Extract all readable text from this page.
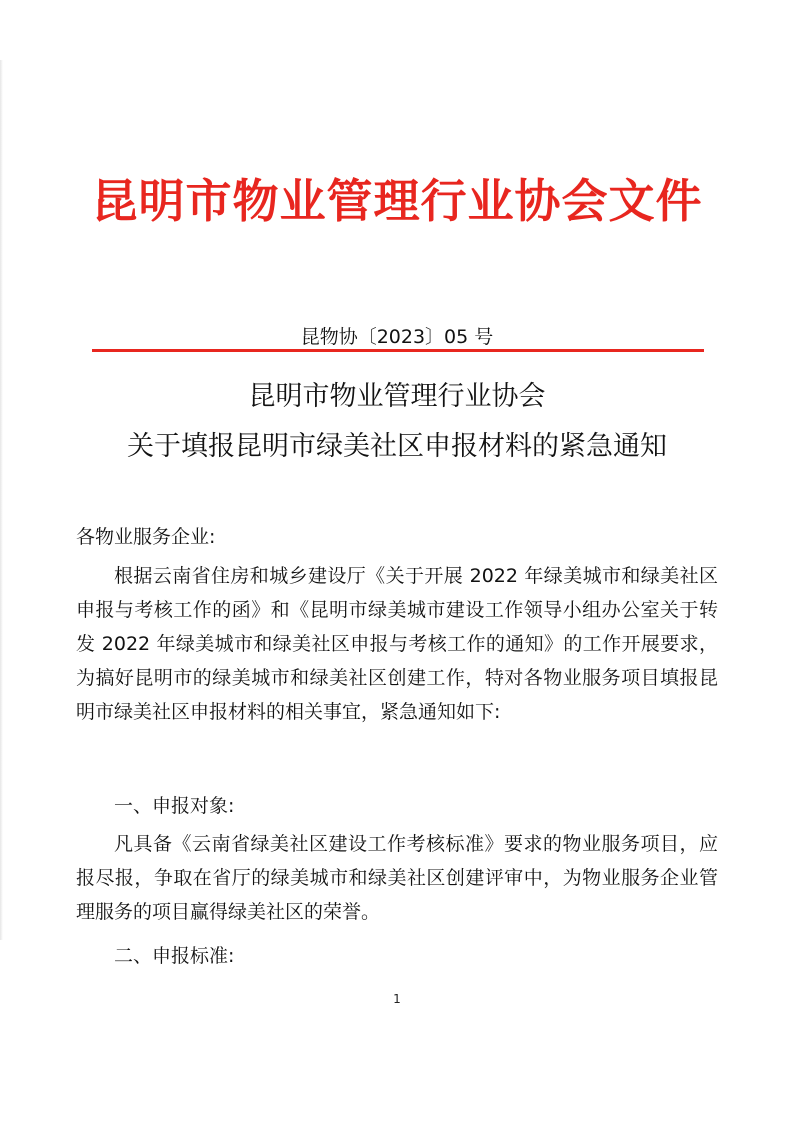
昆明市物业管理行业协会文件
昆物协〔2023〕05 号
昆明市物业管理行业协会
关于填报昆明市绿美社区申报材料的紧急通知
各物业服务企业:
根据云南省住房和城乡建设厅《关于开展 2022 年绿美城市和绿美社区申报与考核工作的函》和《昆明市绿美城市建设工作领导小组办公室关于转发 2022 年绿美城市和绿美社区申报与考核工作的通知》的工作开展要求，为搞好昆明市的绿美城市和绿美社区创建工作，特对各物业服务项目填报昆明市绿美社区申报材料的相关事宜，紧急通知如下:
一、申报对象:
凡具备《云南省绿美社区建设工作考核标准》要求的物业服务项目，应报尽报，争取在省厅的绿美城市和绿美社区创建评审中，为物业服务企业管理服务的项目赢得绿美社区的荣誉。
二、申报标准:
1
